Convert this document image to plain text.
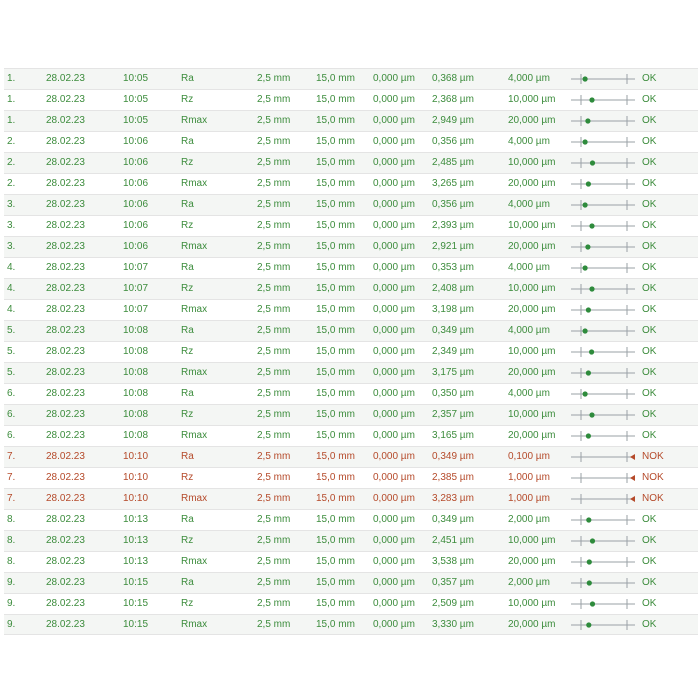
1.	28.02.23	10:05	Ra	2,5 mm	15,0 mm 0,000 µm 0,368 µm	4,000 µm	OK
1.	28.02.23	10:05	Rz	2,5 mm	15,0 mm 0,000 µm 2,368 µm	10,000 µm	OK
1.	28.02.23	10:05	Rmax	2,5 mm	15,0 mm 0,000 µm 2,949 µm	20,000 µm	OK
2.	28.02.23	10:06	Ra	2,5 mm	15,0 mm 0,000 µm 0,356 µm	4,000 µm	OK
2.	28.02.23	10:06	Rz	2,5 mm	15,0 mm 0,000 µm 2,485 µm	10,000 µm	OK
2.	28.02.23	10:06	Rmax	2,5 mm	15,0 mm 0,000 µm 3,265 µm	20,000 µm	OK
3.	28.02.23	10:06	Ra	2,5 mm	15,0 mm 0,000 µm 0,356 µm	4,000 µm	OK
3.	28.02.23	10:06	Rz	2,5 mm	15,0 mm 0,000 µm 2,393 µm	10,000 µm	OK
3.	28.02.23	10:06	Rmax	2,5 mm	15,0 mm 0,000 µm 2,921 µm	20,000 µm	OK
4.	28.02.23	10:07	Ra	2,5 mm	15,0 mm 0,000 µm 0,353 µm	4,000 µm	OK
4.	28.02.23	10:07	Rz	2,5 mm	15,0 mm 0,000 µm 2,408 µm	10,000 µm	OK
4.	28.02.23	10:07	Rmax	2,5 mm	15,0 mm 0,000 µm 3,198 µm	20,000 µm	OK
5.	28.02.23	10:08	Ra	2,5 mm	15,0 mm 0,000 µm 0,349 µm	4,000 µm	OK
5.	28.02.23	10:08	Rz	2,5 mm	15,0 mm 0,000 µm 2,349 µm	10,000 µm	OK
5.	28.02.23	10:08	Rmax	2,5 mm	15,0 mm 0,000 µm 3,175 µm	20,000 µm	OK
6.	28.02.23	10:08	Ra	2,5 mm	15,0 mm 0,000 µm 0,350 µm	4,000 µm	OK
6.	28.02.23	10:08	Rz	2,5 mm	15,0 mm 0,000 µm 2,357 µm	10,000 µm	OK
6.	28.02.23	10:08	Rmax	2,5 mm	15,0 mm 0,000 µm 3,165 µm	20,000 µm	OK
7.	28.02.23	10:10	Ra	2,5 mm	15,0 mm 0,000 µm 0,349 µm	0,100 µm	NOK
7.	28.02.23	10:10	Rz	2,5 mm	15,0 mm 0,000 µm 2,385 µm	1,000 µm	NOK
7.	28.02.23	10:10	Rmax	2,5 mm	15,0 mm 0,000 µm 3,283 µm	1,000 µm	NOK
8.	28.02.23	10:13	Ra	2,5 mm	15,0 mm 0,000 µm 0,349 µm	2,000 µm	OK
8.	28.02.23	10:13	Rz	2,5 mm	15,0 mm 0,000 µm 2,451 µm	10,000 µm	OK
8.	28.02.23	10:13	Rmax	2,5 mm	15,0 mm 0,000 µm 3,538 µm	20,000 µm	OK
9.	28.02.23	10:15	Ra	2,5 mm	15,0 mm 0,000 µm 0,357 µm	2,000 µm	OK
9.	28.02.23	10:15	Rz	2,5 mm	15,0 mm 0,000 µm 2,509 µm	10,000 µm	OK
9.	28.02.23	10:15	Rmax	2,5 mm	15,0 mm 0,000 µm 3,330 µm	20,000 µm	OK
